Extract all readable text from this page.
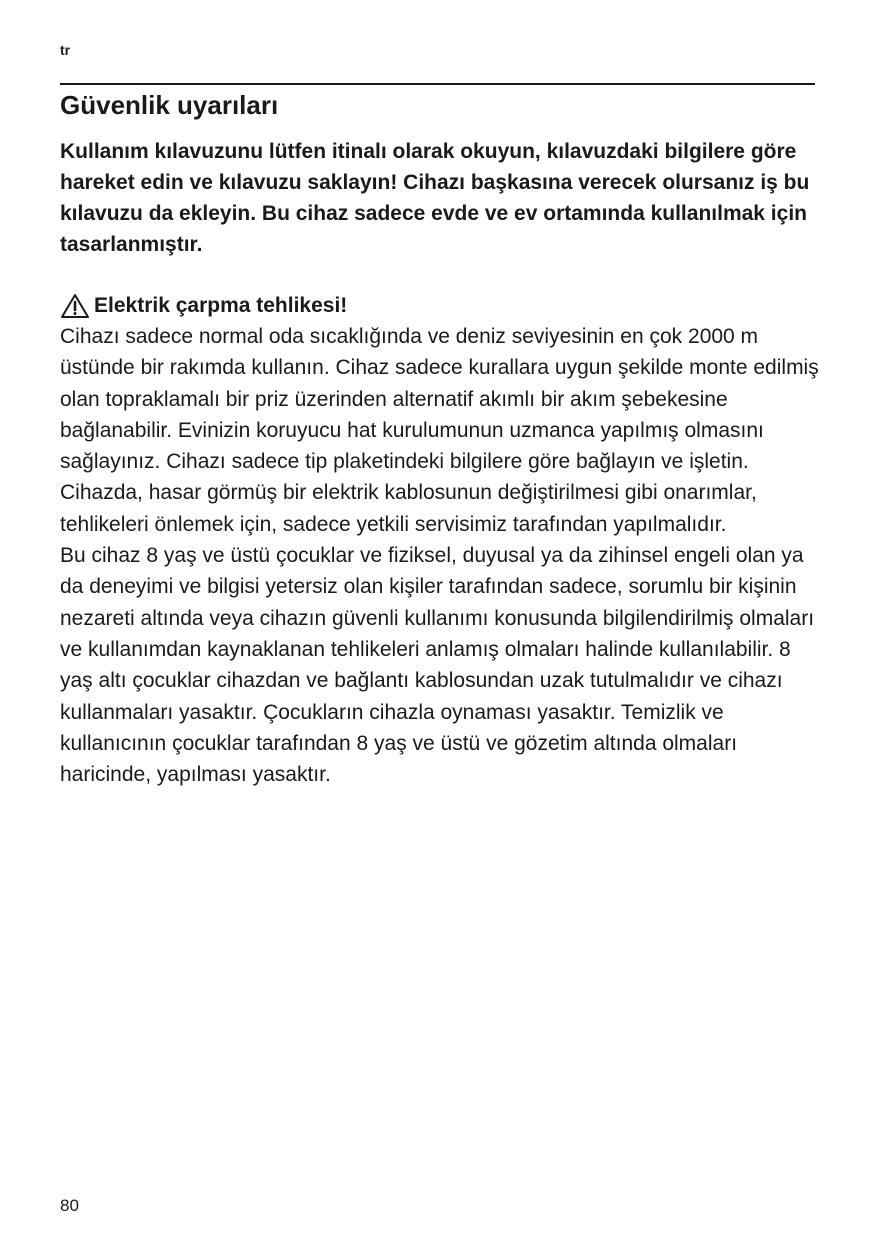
tr
Güvenlik uyarıları

Kullanım kılavuzunu lütfen itinalı olarak okuyun, kılavuzdaki bilgilere göre hareket edin ve kılavuzu saklayın! Cihazı başkasına verecek olursanız iş bu kılavuzu da ekleyin. Bu cihaz sadece evde ve ev ortamında kullanılmak için tasarlanmıştır.

Elektrik çarpma tehlikesi!

Cihazı sadece normal oda sıcaklığında ve deniz seviyesinin en çok 2000 m üstünde bir rakımda kullanın. Cihaz sadece kurallara uygun şekilde monte edilmiş olan topraklamalı bir priz üzerinden alternatif akımlı bir akım şebekesine bağlanabilir. Evinizin koruyucu hat kurulumunun uzmanca yapılmış olmasını sağlayınız. Cihazı sadece tip plaketindeki bilgilere göre bağlayın ve işletin. Cihazda, hasar görmüş bir elektrik kablosunun değiştirilmesi gibi onarımlar, tehlikeleri önlemek için, sadece yetkili servisimiz tarafından yapılmalıdır.

Bu cihaz 8 yaş ve üstü çocuklar ve fiziksel, duyusal ya da zihinsel engeli olan ya da deneyimi ve bilgisi yetersiz olan kişiler tarafından sadece, sorumlu bir kişinin nezareti altında veya cihazın güvenli kullanımı konusunda bilgilendirilmiş olmaları ve kullanımdan kaynaklanan tehlikeleri anlamış olmaları halinde kullanılabilir. 8 yaş altı çocuklar cihazdan ve bağlantı kablosundan uzak tutulmalıdır ve cihazı kullanmaları yasaktır. Çocukların cihazla oynaması yasaktır. Temizlik ve kullanıcının çocuklar tarafından 8 yaş ve üstü ve gözetim altında olmaları haricinde, yapılması yasaktır.

80
